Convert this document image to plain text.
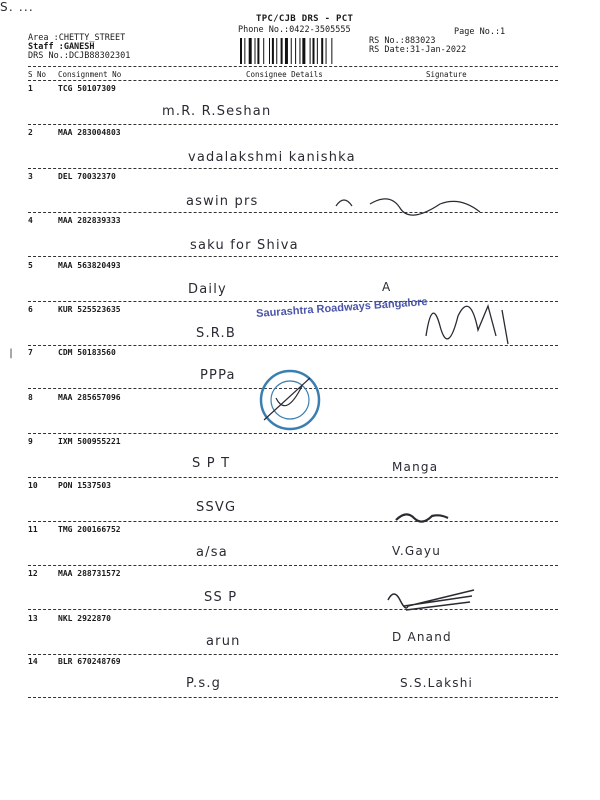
TPC/CJB DRS - PCT
Phone No.:0422-3505555	Page No.:1
Area :CHETTY_STREET
Staff :GANESH
DRS No.:DCJB88302301
RS No.:883023
RS Date:31-Jan-2022
S No Consignment No	Consignee Details	Signature
1	TCG 50107309
m.R. R.Seshan
2	MAA 283004803
vadalakshmi kanishka
3	DEL 70032370
aswin prs
S. ...
4	MAA 282839333
saku for Shiva
5	MAA 563820493
Daily	A
6	KUR 525523635
S.R.B
7	CDM 50183560
PPPa
8	MAA 285657096
9	IXM 500955221
S P T	Manga
10	PON 1537503
SSVG
11	TMG 200166752
a/sa	V.Gayu
12	MAA 288731572
SS P
13	NKL 2922870
arun	D Anand
14	BLR 670248769
P.s.g	S.S.Lakshi
Saurashtra Roadways Bangalore
|
